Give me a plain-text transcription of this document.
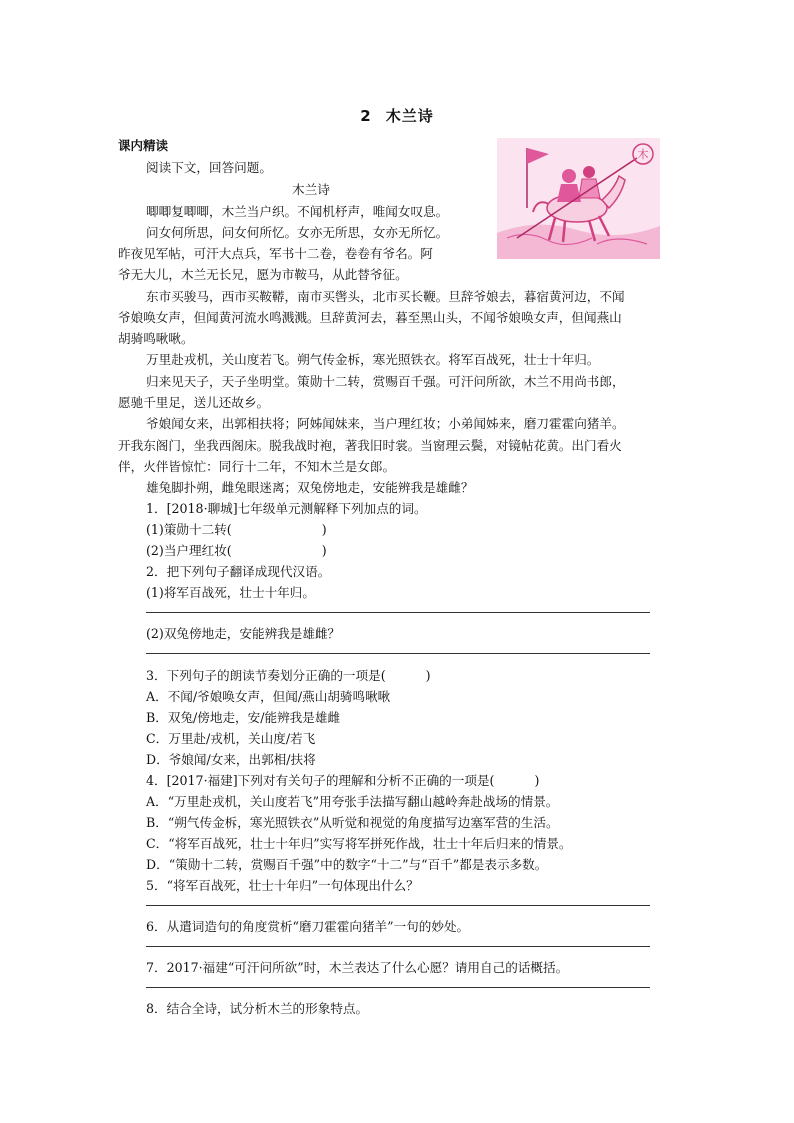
2 木兰诗
课内精读
木
阅读下文，回答问题。
木兰诗
唧唧复唧唧，木兰当户织。不闻机杼声，唯闻女叹息。
问女何所思，问女何所忆。女亦无所思，女亦无所忆。
昨夜见军帖，可汗大点兵，军书十二卷，卷卷有爷名。阿
爷无大儿，木兰无长兄，愿为市鞍马，从此替爷征。
东市买骏马，西市买鞍鞯，南市买辔头，北市买长鞭。旦辞爷娘去，暮宿黄河边，不闻
爷娘唤女声，但闻黄河流水鸣溅溅。旦辞黄河去，暮至黑山头，不闻爷娘唤女声，但闻燕山
胡骑鸣啾啾。
万里赴戎机，关山度若飞。朔气传金柝，寒光照铁衣。将军百战死，壮士十年归。
归来见天子，天子坐明堂。策勋十二转，赏赐百千强。可汗问所欲，木兰不用尚书郎，
愿驰千里足，送儿还故乡。
爷娘闻女来，出郭相扶将；阿姊闻妹来，当户理红妆；小弟闻姊来，磨刀霍霍向猪羊。
开我东阁门，坐我西阁床。脱我战时袍，著我旧时裳。当窗理云鬓，对镜帖花黄。出门看火
伴，火伴皆惊忙：同行十二年，不知木兰是女郎。
雄兔脚扑朔，雌兔眼迷离；双兔傍地走，安能辨我是雄雌？
1．[2018·聊城]七年级单元测解释下列加点的词。
(1)策勋十二转(	)
(2)当户理红妆(	)
2．把下列句子翻译成现代汉语。
(1)将军百战死，壮士十年归。
(2)双兔傍地走，安能辨我是雄雌？
3．下列句子的朗读节奏划分正确的一项是(	)
A．不闻/爷娘唤女声，但闻/燕山胡骑鸣啾啾
B．双兔/傍地走，安/能辨我是雄雌
C．万里赴/戎机，关山度/若飞
D．爷娘闻/女来，出郭相/扶将
4．[2017·福建]下列对有关句子的理解和分析不正确的一项是(	)
A．“万里赴戎机，关山度若飞”用夸张手法描写翻山越岭奔赴战场的情景。
B．“朔气传金柝，寒光照铁衣”从听觉和视觉的角度描写边塞军营的生活。
C．“将军百战死，壮士十年归”实写将军拼死作战，壮士十年后归来的情景。
D．“策勋十二转，赏赐百千强”中的数字“十二”与“百千”都是表示多数。
5．“将军百战死，壮士十年归”一句体现出什么？
6．从遣词造句的角度赏析“磨刀霍霍向猪羊”一句的妙处。
7．2017·福建“可汗问所欲”时，木兰表达了什么心愿？请用自己的话概括。
8．结合全诗，试分析木兰的形象特点。
